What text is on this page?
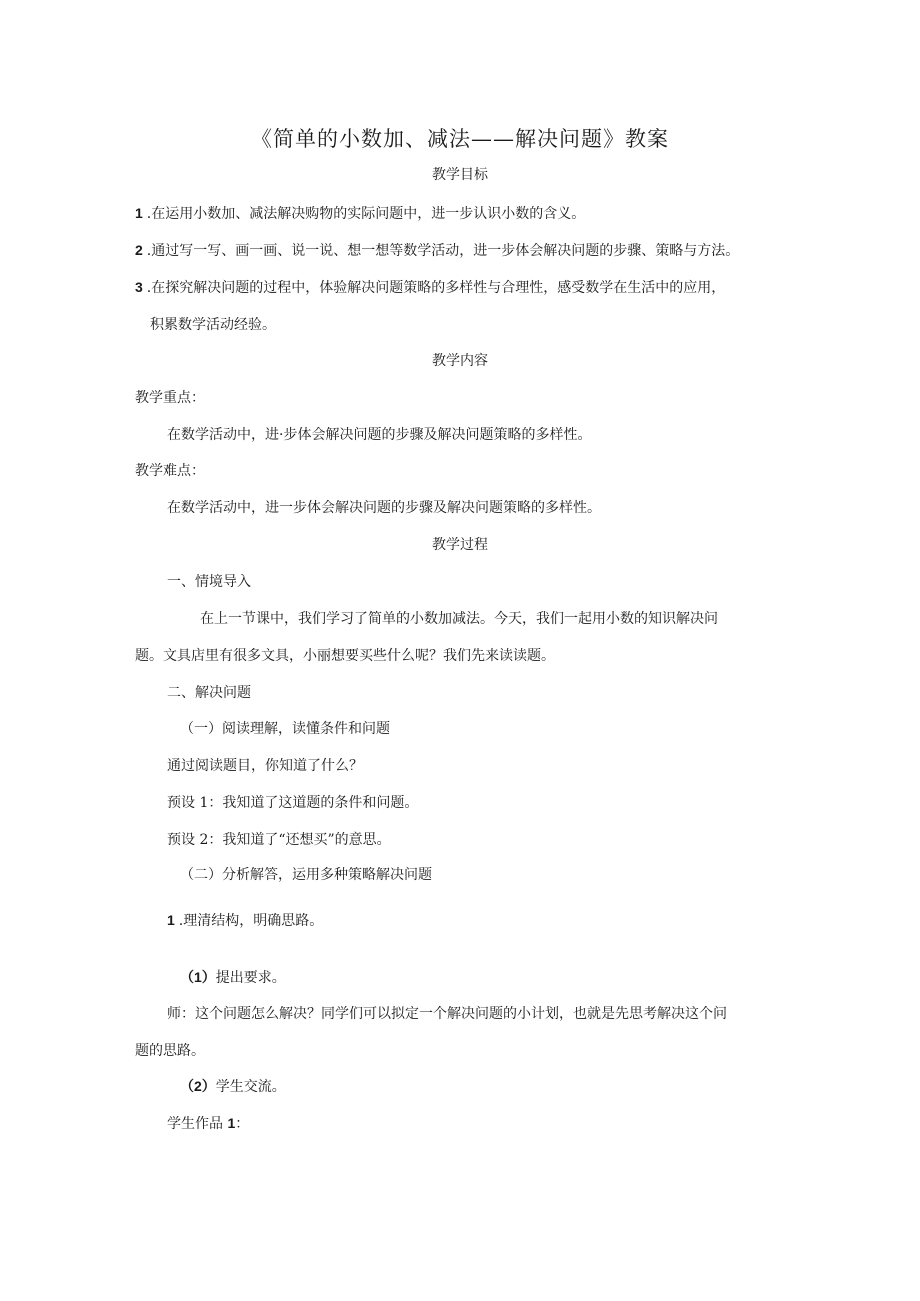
《简单的小数加、减法——解决问题》教案
教学目标
1 .在运用小数加、减法解决购物的实际问题中，进一步认识小数的含义。
2 .通过写一写、画一画、说一说、想一想等数学活动，进一步体会解决问题的步骤、策略与方法。
3 .在探究解决问题的过程中，体验解决问题策略的多样性与合理性，感受数学在生活中的应用，
积累数学活动经验。
教学内容
教学重点：
在数学活动中，进·步体会解决问题的步骤及解决问题策略的多样性。
教学难点：
在数学活动中，进一步体会解决问题的步骤及解决问题策略的多样性。
教学过程
一、情境导入
在上一节课中，我们学习了简单的小数加减法。今天，我们一起用小数的知识解决问
题。文具店里有很多文具，小丽想要买些什么呢？我们先来读读题。
二、解决问题
（一）阅读理解，读懂条件和问题
通过阅读题目，你知道了什么？
预设 1：我知道了这道题的条件和问题。
预设 2：我知道了“还想买”的意思。
（二）分析解答，运用多种策略解决问题
1 .理清结构，明确思路。
（1）提出要求。
师：这个问题怎么解决？同学们可以拟定一个解决问题的小计划，也就是先思考解决这个问
题的思路。
（2）学生交流。
学生作品 1：
